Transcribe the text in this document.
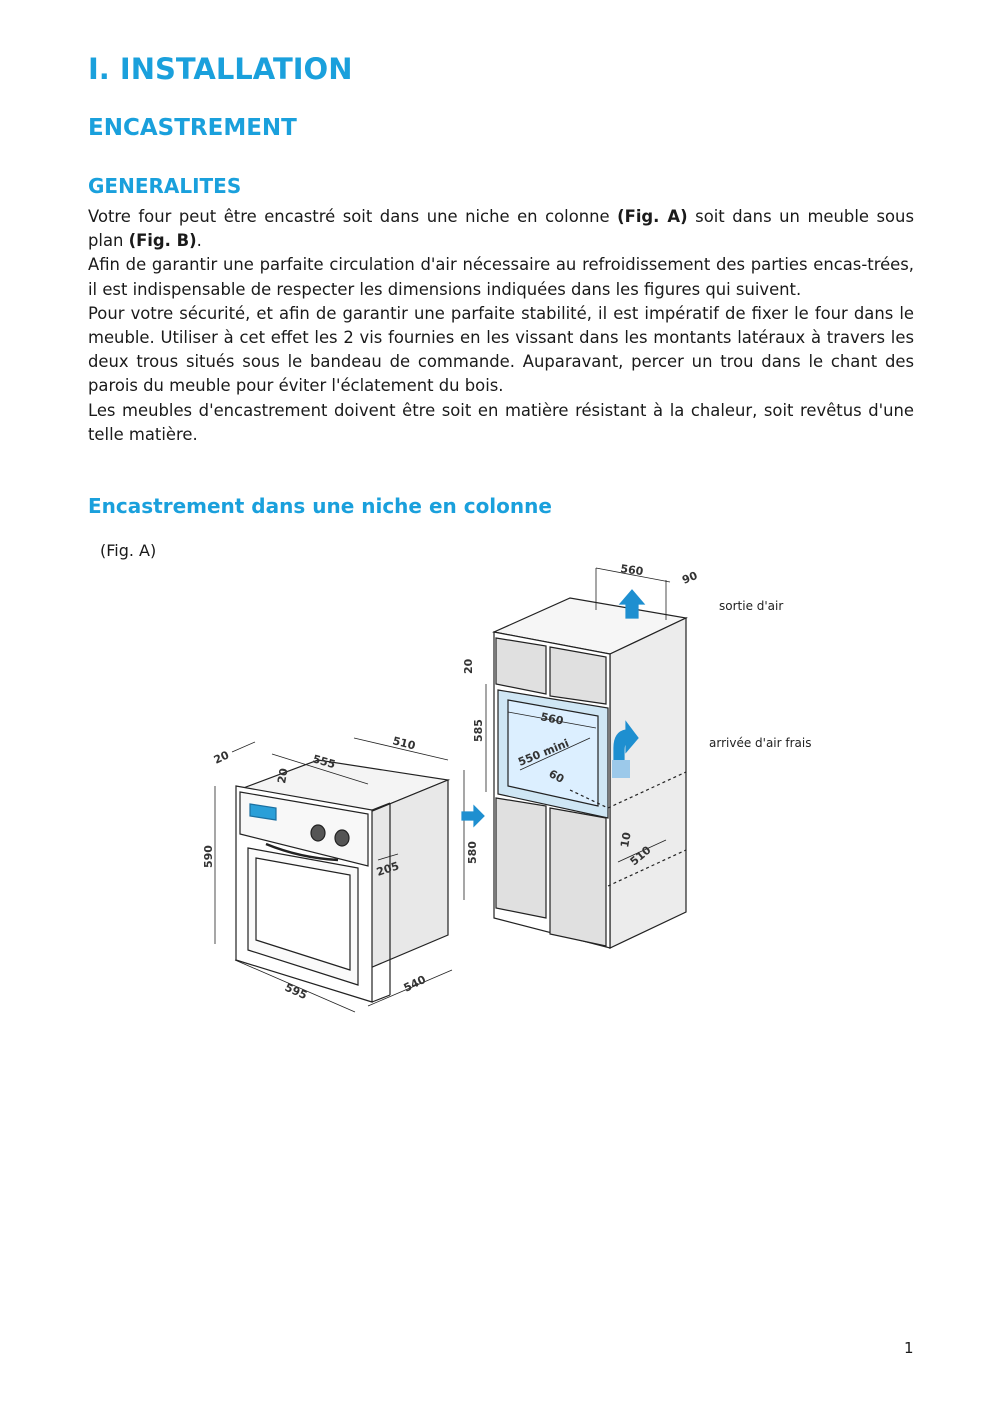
I. INSTALLATION
ENCASTREMENT
GENERALITES

Votre four peut être encastré soit dans une niche en colonne (Fig. A) soit dans un meuble sous plan (Fig. B).

Afin de garantir une parfaite circulation d'air nécessaire au refroidissement des parties encas-trées, il est indispensable de respecter les dimensions indiquées dans les figures qui suivent.

Pour votre sécurité, et afin de garantir une parfaite stabilité, il est impératif de fixer le four dans le meuble. Utiliser à cet effet les 2 vis fournies en les vissant dans les montants latéraux à travers les deux trous situés sous le bandeau de commande. Auparavant, percer un trou dans le chant des parois du meuble pour éviter l'éclatement du bois.

Les meubles d'encastrement doivent être soit en matière résistant à la chaleur, soit revêtus d'une telle matière.

Encastrement dans une niche en colonne
(Fig. A)
sortie d'air
arrivée d'air frais
20	555
510
20
590
205
580
595	540
560	90
20
585
560
550 mini
60
10
510
1
